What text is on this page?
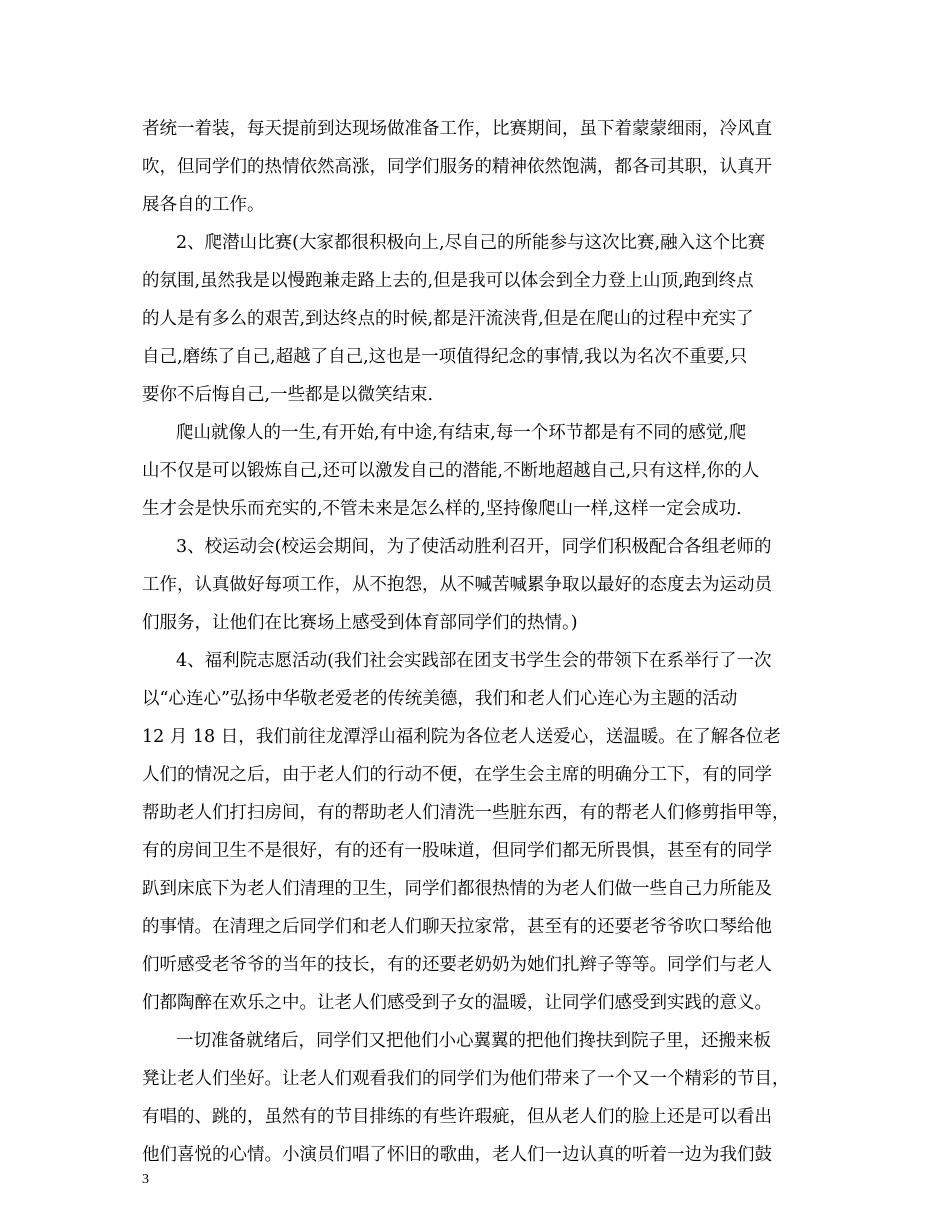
者统一着装，每天提前到达现场做准备工作，比赛期间，虽下着蒙蒙细雨，冷风直
吹，但同学们的热情依然高涨，同学们服务的精神依然饱满，都各司其职，认真开
展各自的工作。
2、爬潜山比赛(大家都很积极向上,尽自己的所能参与这次比赛,融入这个比赛
的氛围,虽然我是以慢跑兼走路上去的,但是我可以体会到全力登上山顶,跑到终点
的人是有多么的艰苦,到达终点的时候,都是汗流浃背,但是在爬山的过程中充实了
自己,磨练了自己,超越了自己,这也是一项值得纪念的事情,我以为名次不重要,只
要你不后悔自己,一些都是以微笑结束.
爬山就像人的一生,有开始,有中途,有结束,每一个环节都是有不同的感觉,爬
山不仅是可以锻炼自己,还可以激发自己的潜能,不断地超越自己,只有这样,你的人
生才会是快乐而充实的,不管未来是怎么样的,坚持像爬山一样,这样一定会成功.
3、校运动会(校运会期间，为了使活动胜利召开，同学们积极配合各组老师的
工作，认真做好每项工作，从不抱怨，从不喊苦喊累争取以最好的态度去为运动员
们服务，让他们在比赛场上感受到体育部同学们的热情。)
4、福利院志愿活动(我们社会实践部在团支书学生会的带领下在系举行了一次
以“心连心”弘扬中华敬老爱老的传统美德，我们和老人们心连心为主题的活动
12 月 18 日，我们前往龙潭浮山福利院为各位老人送爱心，送温暖。在了解各位老
人们的情况之后，由于老人们的行动不便，在学生会主席的明确分工下，有的同学
帮助老人们打扫房间，有的帮助老人们清洗一些脏东西，有的帮老人们修剪指甲等，
有的房间卫生不是很好，有的还有一股味道，但同学们都无所畏惧，甚至有的同学
趴到床底下为老人们清理的卫生，同学们都很热情的为老人们做一些自己力所能及
的事情。在清理之后同学们和老人们聊天拉家常，甚至有的还要老爷爷吹口琴给他
们听感受老爷爷的当年的技长，有的还要老奶奶为她们扎辫子等等。同学们与老人
们都陶醉在欢乐之中。让老人们感受到子女的温暖，让同学们感受到实践的意义。
一切准备就绪后，同学们又把他们小心翼翼的把他们搀扶到院子里，还搬来板
凳让老人们坐好。让老人们观看我们的同学们为他们带来了一个又一个精彩的节目，
有唱的、跳的，虽然有的节目排练的有些许瑕疵，但从老人们的脸上还是可以看出
他们喜悦的心情。小演员们唱了怀旧的歌曲，老人们一边认真的听着一边为我们鼓
3
